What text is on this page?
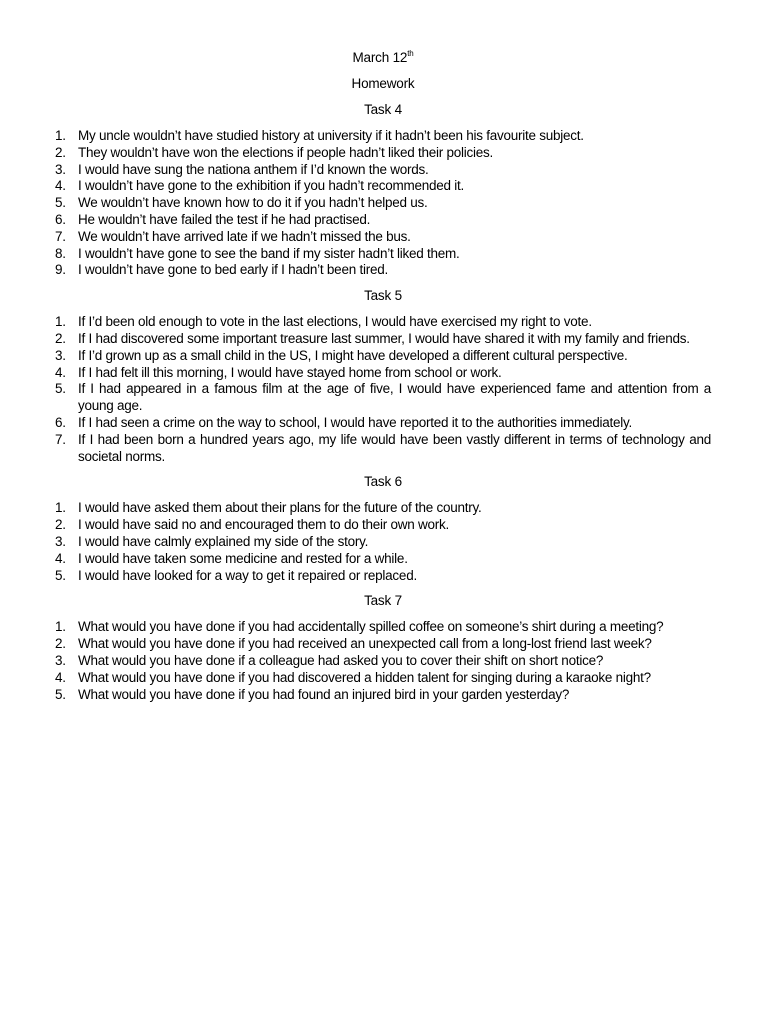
March 12th

Homework

Task 4

1. My uncle wouldn’t have studied history at university if it hadn’t been his favourite subject.
2. They wouldn’t have won the elections if people hadn’t liked their policies.
3. I would have sung the nationa anthem if I’d known the words.
4. I wouldn’t have gone to the exhibition if you hadn’t recommended it.
5. We wouldn’t have known how to do it if you hadn’t helped us.
6. He wouldn’t have failed the test if he had practised.
7. We wouldn’t have arrived late if we hadn’t missed the bus.
8. I wouldn’t have gone to see the band if my sister hadn’t liked them.
9. I wouldn’t have gone to bed early if I hadn’t been tired.

Task 5

1. If I’d been old enough to vote in the last elections, I would have exercised my right to vote.
2. If I had discovered some important treasure last summer, I would have shared it with my family and friends.
3. If I’d grown up as a small child in the US, I might have developed a different cultural perspective.
4. If I had felt ill this morning, I would have stayed home from school or work.
5. If I had appeared in a famous film at the age of five, I would have experienced fame and attention from a young age.
6. If I had seen a crime on the way to school, I would have reported it to the authorities immediately.
7. If I had been born a hundred years ago, my life would have been vastly different in terms of technology and societal norms.

Task 6

1. I would have asked them about their plans for the future of the country.
2. I would have said no and encouraged them to do their own work.
3. I would have calmly explained my side of the story.
4. I would have taken some medicine and rested for a while.
5. I would have looked for a way to get it repaired or replaced.

Task 7

1. What would you have done if you had accidentally spilled coffee on someone’s shirt during a meeting?
2. What would you have done if you had received an unexpected call from a long-lost friend last week?
3. What would you have done if a colleague had asked you to cover their shift on short notice?
4. What would you have done if you had discovered a hidden talent for singing during a karaoke night?
5. What would you have done if you had found an injured bird in your garden yesterday?
